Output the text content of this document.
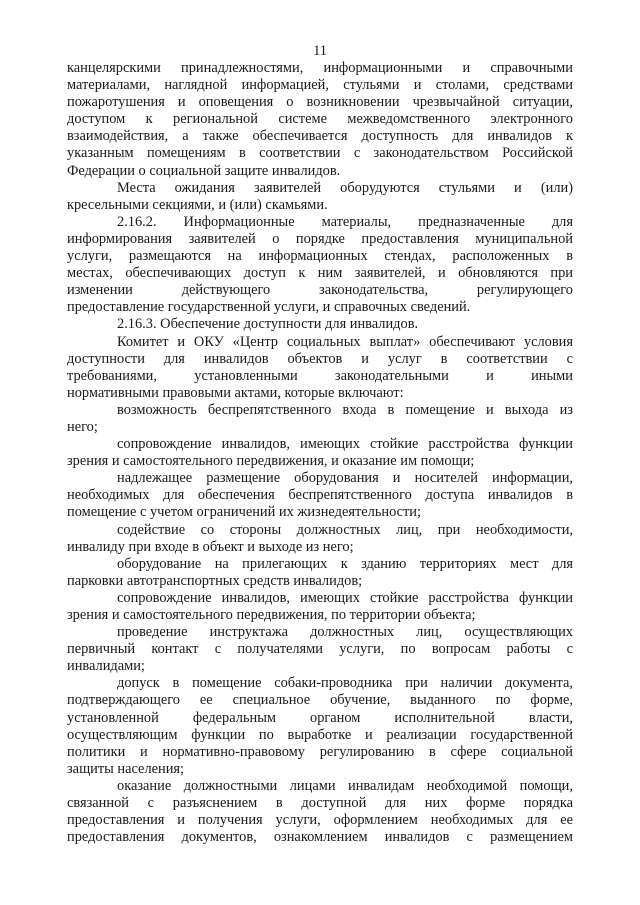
11
канцелярскими принадлежностями, информационными и справочными
материалами, наглядной информацией, стульями и столами, средствами
пожаротушения и оповещения о возникновении чрезвычайной ситуации,
доступом к региональной системе межведомственного электронного
взаимодействия, а также обеспечивается доступность для инвалидов к
указанным помещениям в соответствии с законодательством Российской
Федерации о социальной защите инвалидов.
Места ожидания заявителей оборудуются стульями и (или)
кресельными секциями, и (или) скамьями.
2.16.2. Информационные материалы, предназначенные для
информирования заявителей о порядке предоставления муниципальной
услуги, размещаются на информационных стендах, расположенных в
местах, обеспечивающих доступ к ним заявителей, и обновляются при
изменении действующего законодательства, регулирующего
предоставление государственной услуги, и справочных сведений.
2.16.3. Обеспечение доступности для инвалидов.
Комитет и ОКУ «Центр социальных выплат» обеспечивают условия
доступности для инвалидов объектов и услуг в соответствии с
требованиями, установленными законодательными и иными
нормативными правовыми актами, которые включают:
возможность беспрепятственного входа в помещение и выхода из
него;
сопровождение инвалидов, имеющих стойкие расстройства функции
зрения и самостоятельного передвижения, и оказание им помощи;
надлежащее размещение оборудования и носителей информации,
необходимых для обеспечения беспрепятственного доступа инвалидов в
помещение с учетом ограничений их жизнедеятельности;
содействие со стороны должностных лиц, при необходимости,
инвалиду при входе в объект и выходе из него;
оборудование на прилегающих к зданию территориях мест для
парковки автотранспортных средств инвалидов;
сопровождение инвалидов, имеющих стойкие расстройства функции
зрения и самостоятельного передвижения, по территории объекта;
проведение инструктажа должностных лиц, осуществляющих
первичный контакт с получателями услуги, по вопросам работы с
инвалидами;
допуск в помещение собаки-проводника при наличии документа,
подтверждающего ее специальное обучение, выданного по форме,
установленной федеральным органом исполнительной власти,
осуществляющим функции по выработке и реализации государственной
политики и нормативно-правовому регулированию в сфере социальной
защиты населения;
оказание должностными лицами инвалидам необходимой помощи,
связанной с разъяснением в доступной для них форме порядка
предоставления и получения услуги, оформлением необходимых для ее
предоставления документов, ознакомлением инвалидов с размещением
